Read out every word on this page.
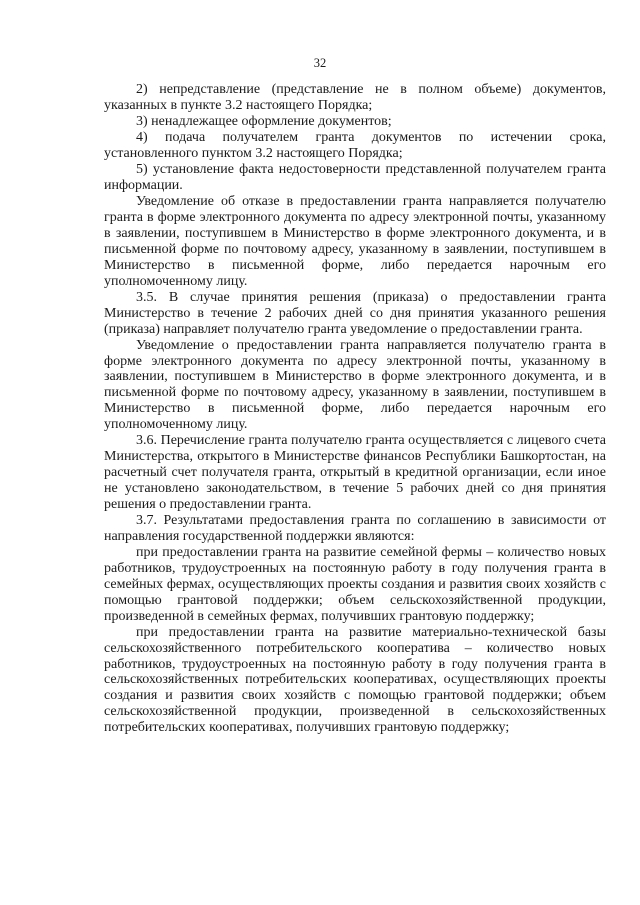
32

2) непредставление (представление не в полном объеме) документов, указанных в пункте 3.2 настоящего Порядка;

3) ненадлежащее оформление документов;

4) подача получателем гранта документов по истечении срока, установленного пунктом 3.2 настоящего Порядка;

5) установление факта недостоверности представленной получателем гранта информации.

Уведомление об отказе в предоставлении гранта направляется получателю гранта в форме электронного документа по адресу электронной почты, указанному в заявлении, поступившем в Министерство в форме электронного документа, и в письменной форме по почтовому адресу, указанному в заявлении, поступившем в Министерство в письменной форме, либо передается нарочным его уполномоченному лицу.

3.5. В случае принятия решения (приказа) о предоставлении гранта Министерство в течение 2 рабочих дней со дня принятия указанного решения (приказа) направляет получателю гранта уведомление о предоставлении гранта.

Уведомление о предоставлении гранта направляется получателю гранта в форме электронного документа по адресу электронной почты, указанному в заявлении, поступившем в Министерство в форме электронного документа, и в письменной форме по почтовому адресу, указанному в заявлении, поступившем в Министерство в письменной форме, либо передается нарочным его уполномоченному лицу.

3.6. Перечисление гранта получателю гранта осуществляется с лицевого счета Министерства, открытого в Министерстве финансов Республики Башкортостан, на расчетный счет получателя гранта, открытый в кредитной организации, если иное не установлено законодательством, в течение 5 рабочих дней со дня принятия решения о предоставлении гранта.

3.7. Результатами предоставления гранта по соглашению в зависимости от направления государственной поддержки являются:

при предоставлении гранта на развитие семейной фермы – количество новых работников, трудоустроенных на постоянную работу в году получения гранта в семейных фермах, осуществляющих проекты создания и развития своих хозяйств с помощью грантовой поддержки; объем сельскохозяйственной продукции, произведенной в семейных фермах, получивших грантовую поддержку;

при предоставлении гранта на развитие материально-технической базы сельскохозяйственного потребительского кооператива – количество новых работников, трудоустроенных на постоянную работу в году получения гранта в сельскохозяйственных потребительских кооперативах, осуществляющих проекты создания и развития своих хозяйств с помощью грантовой поддержки; объем сельскохозяйственной продукции, произведенной в сельскохозяйственных потребительских кооперативах, получивших грантовую поддержку;
